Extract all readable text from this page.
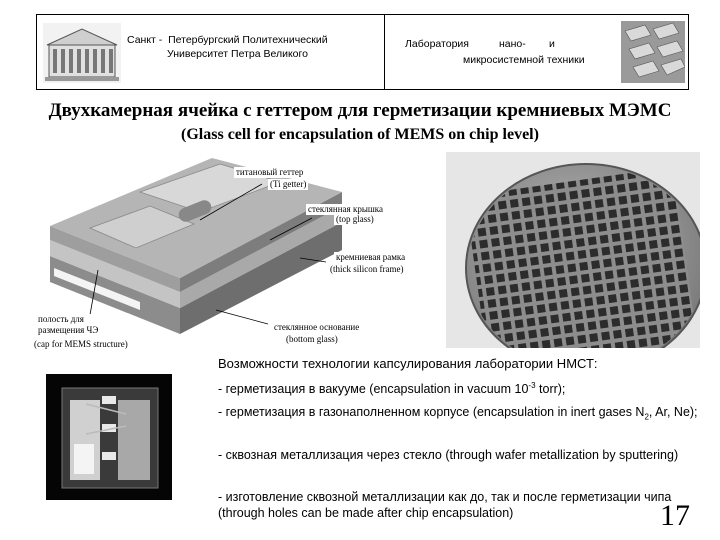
Санкт -  Петербургский Политехнический
Университет Петра Великого
Лаборатория	нано- и
микросистемной техники
Двухкамерная ячейка с геттером для герметизации кремниевых МЭМС
(Glass cell for encapsulation of MEMS on chip level)
титановый геттер
(Ti getter)
стеклянная крышка
(top glass)
кремниевая рамка
(thick silicon frame)
полость для размещения ЧЭ
(cap for MEMS structure)
стеклянное основание
(bottom glass)
Возможности технологии капсулирования лаборатории НМСТ:
- герметизация в вакууме (encapsulation in vacuum $10^{-3}$ torr);
- герметизация в газонаполненном корпусе (encapsulation in inert gases $N_2$, Ar, Ne);
- сквозная металлизация через стекло (through wafer metallization by sputtering)
- изготовление сквозной металлизации как до, так и после герметизации чипа (through holes can be made after chip encapsulation)	17
